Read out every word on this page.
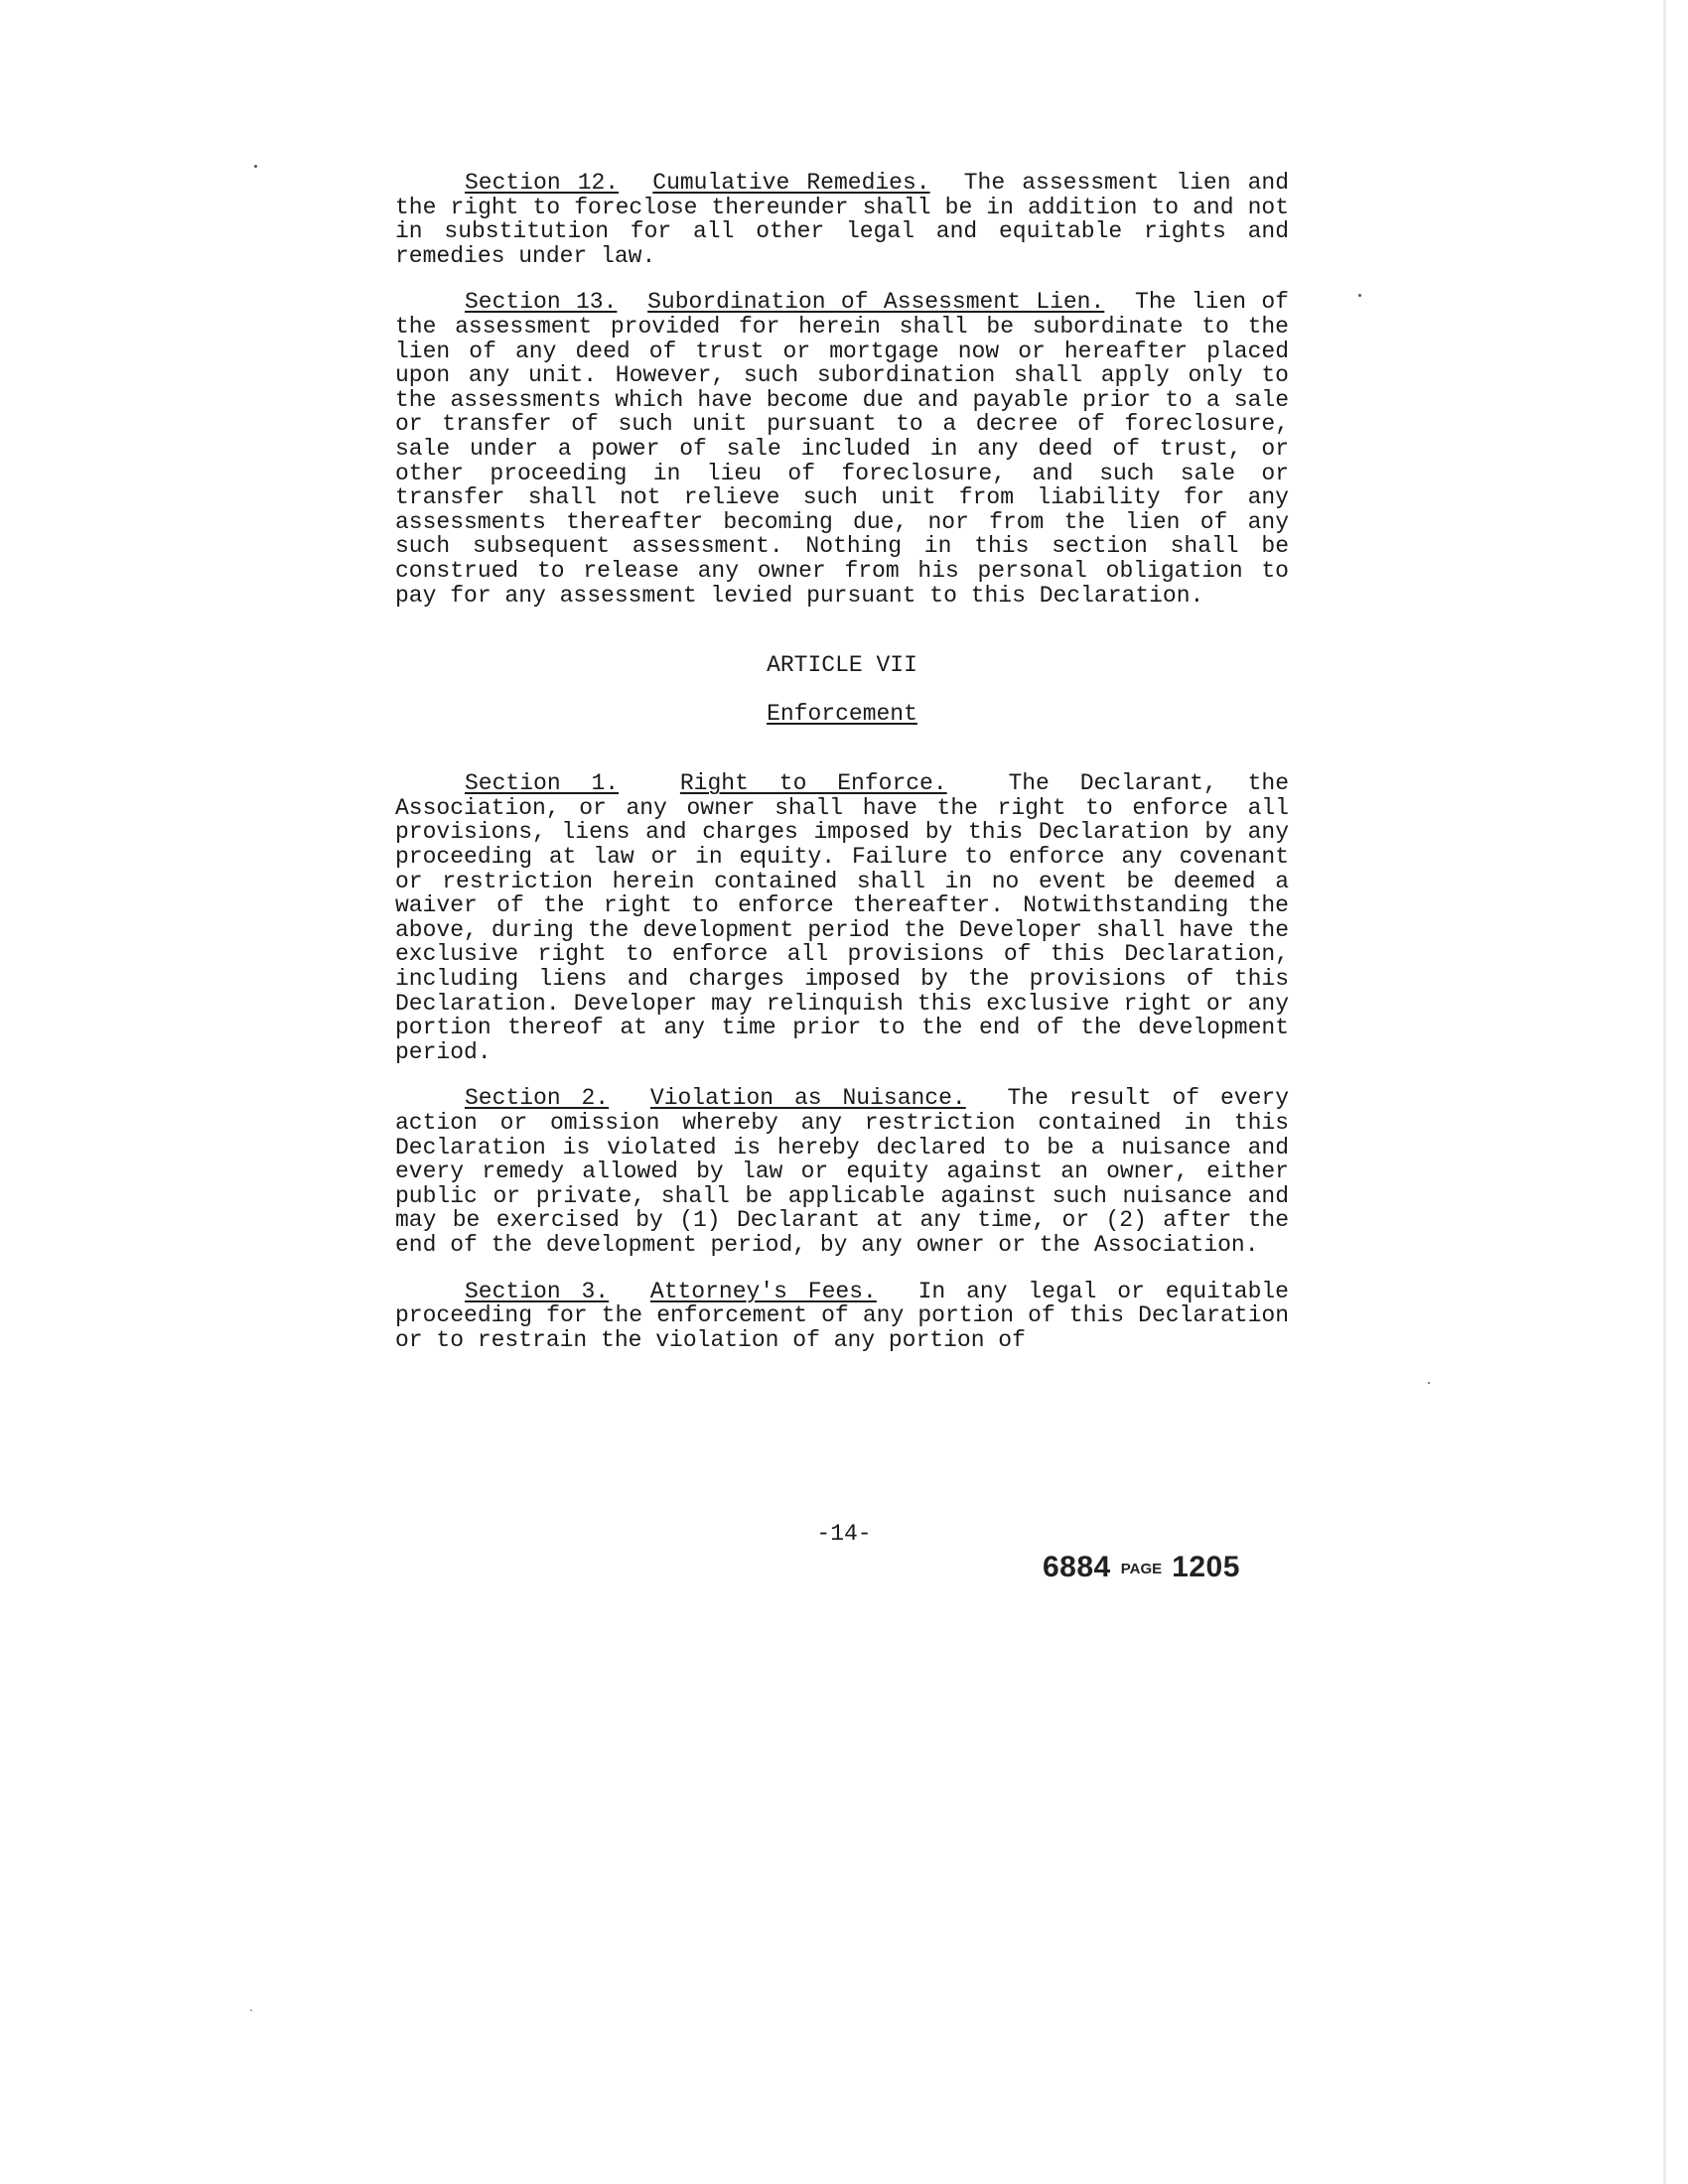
Section 12. Cumulative Remedies. The assessment lien and the right to foreclose thereunder shall be in addition to and not in substitution for all other legal and equitable rights and remedies under law.

Section 13. Subordination of Assessment Lien. The lien of the assessment provided for herein shall be subordinate to the lien of any deed of trust or mortgage now or hereafter placed upon any unit. However, such subordination shall apply only to the assessments which have become due and payable prior to a sale or transfer of such unit pursuant to a decree of foreclosure, sale under a power of sale included in any deed of trust, or other proceeding in lieu of foreclosure, and such sale or transfer shall not relieve such unit from liability for any assessments thereafter becoming due, nor from the lien of any such subsequent assessment. Nothing in this section shall be construed to release any owner from his personal obligation to pay for any assessment levied pursuant to this Declaration.

ARTICLE VII

Enforcement

Section 1.	Right to Enforce.	The Declarant, the Association, or any owner shall have the right to enforce all provisions, liens and charges imposed by this Declaration by any proceeding at law or in equity. Failure to enforce any covenant or restriction herein contained shall in no event be deemed a waiver of the right to enforce thereafter. Notwithstanding the above, during the development period the Developer shall have the exclusive right to enforce all provisions of this Declaration, including liens and charges imposed by the provisions of this Declaration. Developer may relinquish this exclusive right or any portion thereof at any time prior to the end of the development period.

Section 2. Violation as Nuisance. The result of every action or omission whereby any restriction contained in this Declaration is violated is hereby declared to be a nuisance and every remedy allowed by law or equity against an owner, either public or private, shall be applicable against such nuisance and may be exercised by (1) Declarant at any time, or (2) after the end of the development period, by any owner or the Association.

Section 3. Attorney's Fees. In any legal or equitable proceeding for the enforcement of any portion of this Declaration or to restrain the violation of any portion of

-14-
6884 PAGE 1205
